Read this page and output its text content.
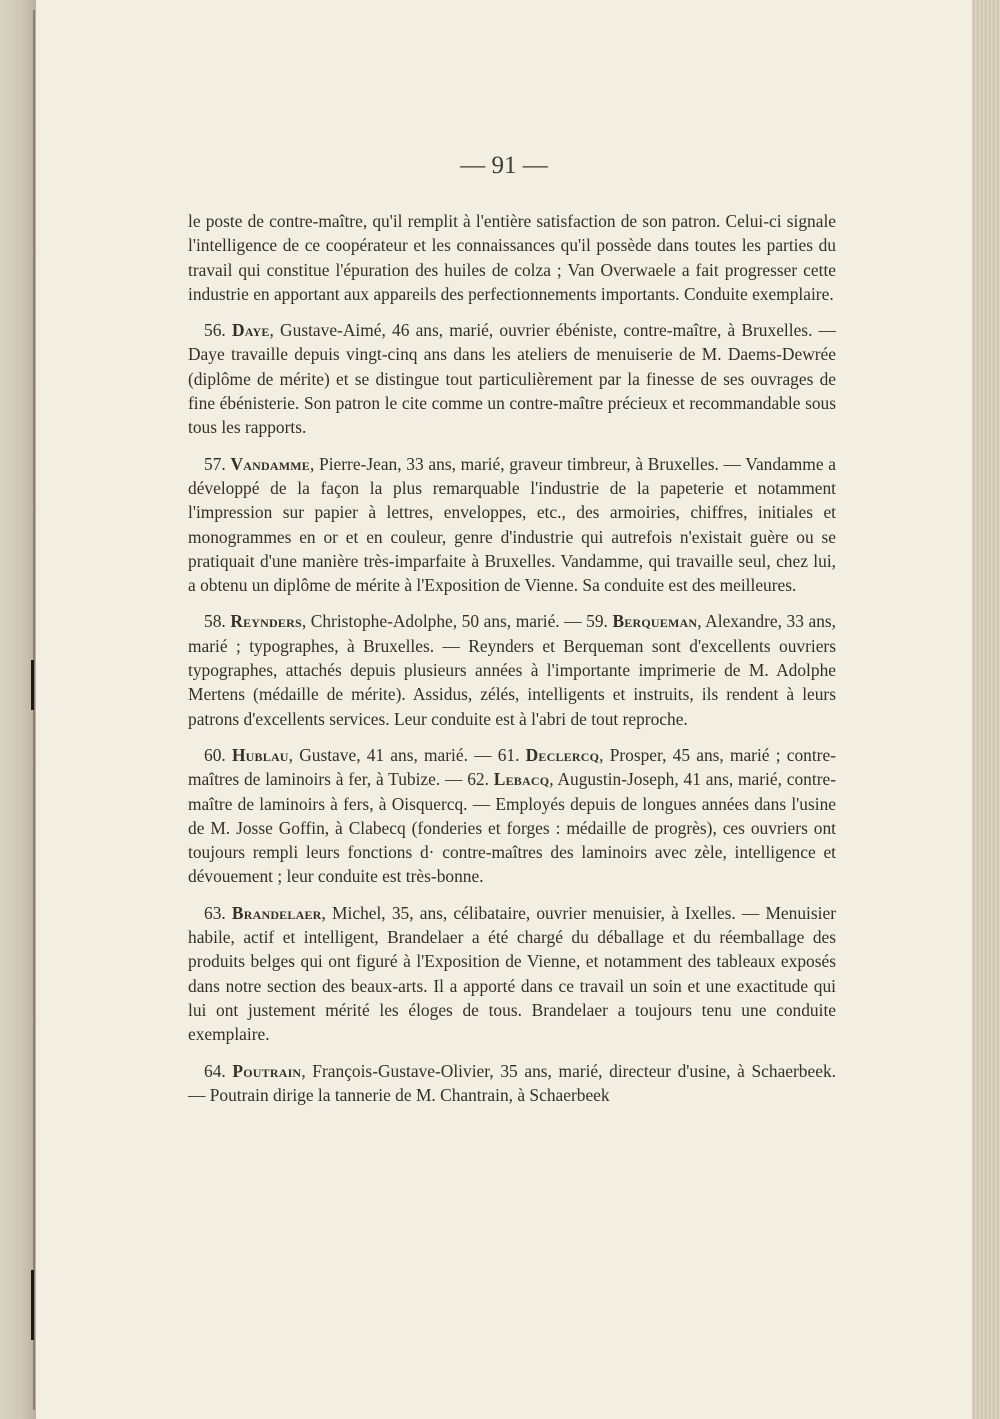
— 91 —

le poste de contre-maître, qu'il remplit à l'entière satisfaction de son patron. Celui-ci signale l'intelligence de ce coopérateur et les connaissances qu'il possède dans toutes les parties du travail qui constitue l'épuration des huiles de colza ; Van Overwaele a fait progresser cette industrie en apportant aux appareils des perfectionnements importants. Conduite exemplaire.

56. Daye, Gustave-Aimé, 46 ans, marié, ouvrier ébéniste, contre-maître, à Bruxelles. — Daye travaille depuis vingt-cinq ans dans les ateliers de menuiserie de M. Daems-Dewrée (diplôme de mérite) et se distingue tout particulièrement par la finesse de ses ouvrages de fine ébénisterie. Son patron le cite comme un contre-maître précieux et recommandable sous tous les rapports.

57. Vandamme, Pierre-Jean, 33 ans, marié, graveur timbreur, à Bruxelles. — Vandamme a développé de la façon la plus remarquable l'industrie de la papeterie et notamment l'impression sur papier à lettres, enveloppes, etc., des armoiries, chiffres, initiales et monogrammes en or et en couleur, genre d'industrie qui autrefois n'existait guère ou se pratiquait d'une manière très-imparfaite à Bruxelles. Vandamme, qui travaille seul, chez lui, a obtenu un diplôme de mérite à l'Exposition de Vienne. Sa conduite est des meilleures.

58. Reynders, Christophe-Adolphe, 50 ans, marié. — 59. Berqueman, Alexandre, 33 ans, marié ; typographes, à Bruxelles. — Reynders et Berqueman sont d'excellents ouvriers typographes, attachés depuis plusieurs années à l'importante imprimerie de M. Adolphe Mertens (médaille de mérite). Assidus, zélés, intelligents et instruits, ils rendent à leurs patrons d'excellents services. Leur conduite est à l'abri de tout reproche.

60. Hublau, Gustave, 41 ans, marié. — 61. Declercq, Prosper, 45 ans, marié ; contre-maîtres de laminoirs à fer, à Tubize. — 62. Lebacq, Augustin-Joseph, 41 ans, marié, contre-maître de laminoirs à fers, à Oisquercq. — Employés depuis de longues années dans l'usine de M. Josse Goffin, à Clabecq (fonderies et forges : médaille de progrès), ces ouvriers ont toujours rempli leurs fonctions d· contre-maîtres des laminoirs avec zèle, intelligence et dévouement ; leur conduite est très-bonne.

63. Brandelaer, Michel, 35, ans, célibataire, ouvrier menuisier, à Ixelles. — Menuisier habile, actif et intelligent, Brandelaer a été chargé du déballage et du réemballage des produits belges qui ont figuré à l'Exposition de Vienne, et notamment des tableaux exposés dans notre section des beaux-arts. Il a apporté dans ce travail un soin et une exactitude qui lui ont justement mérité les éloges de tous. Brandelaer a toujours tenu une conduite exemplaire.

64. Poutrain, François-Gustave-Olivier, 35 ans, marié, directeur d'usine, à Schaerbeek. — Poutrain dirige la tannerie de M. Chantrain, à Schaerbeek
